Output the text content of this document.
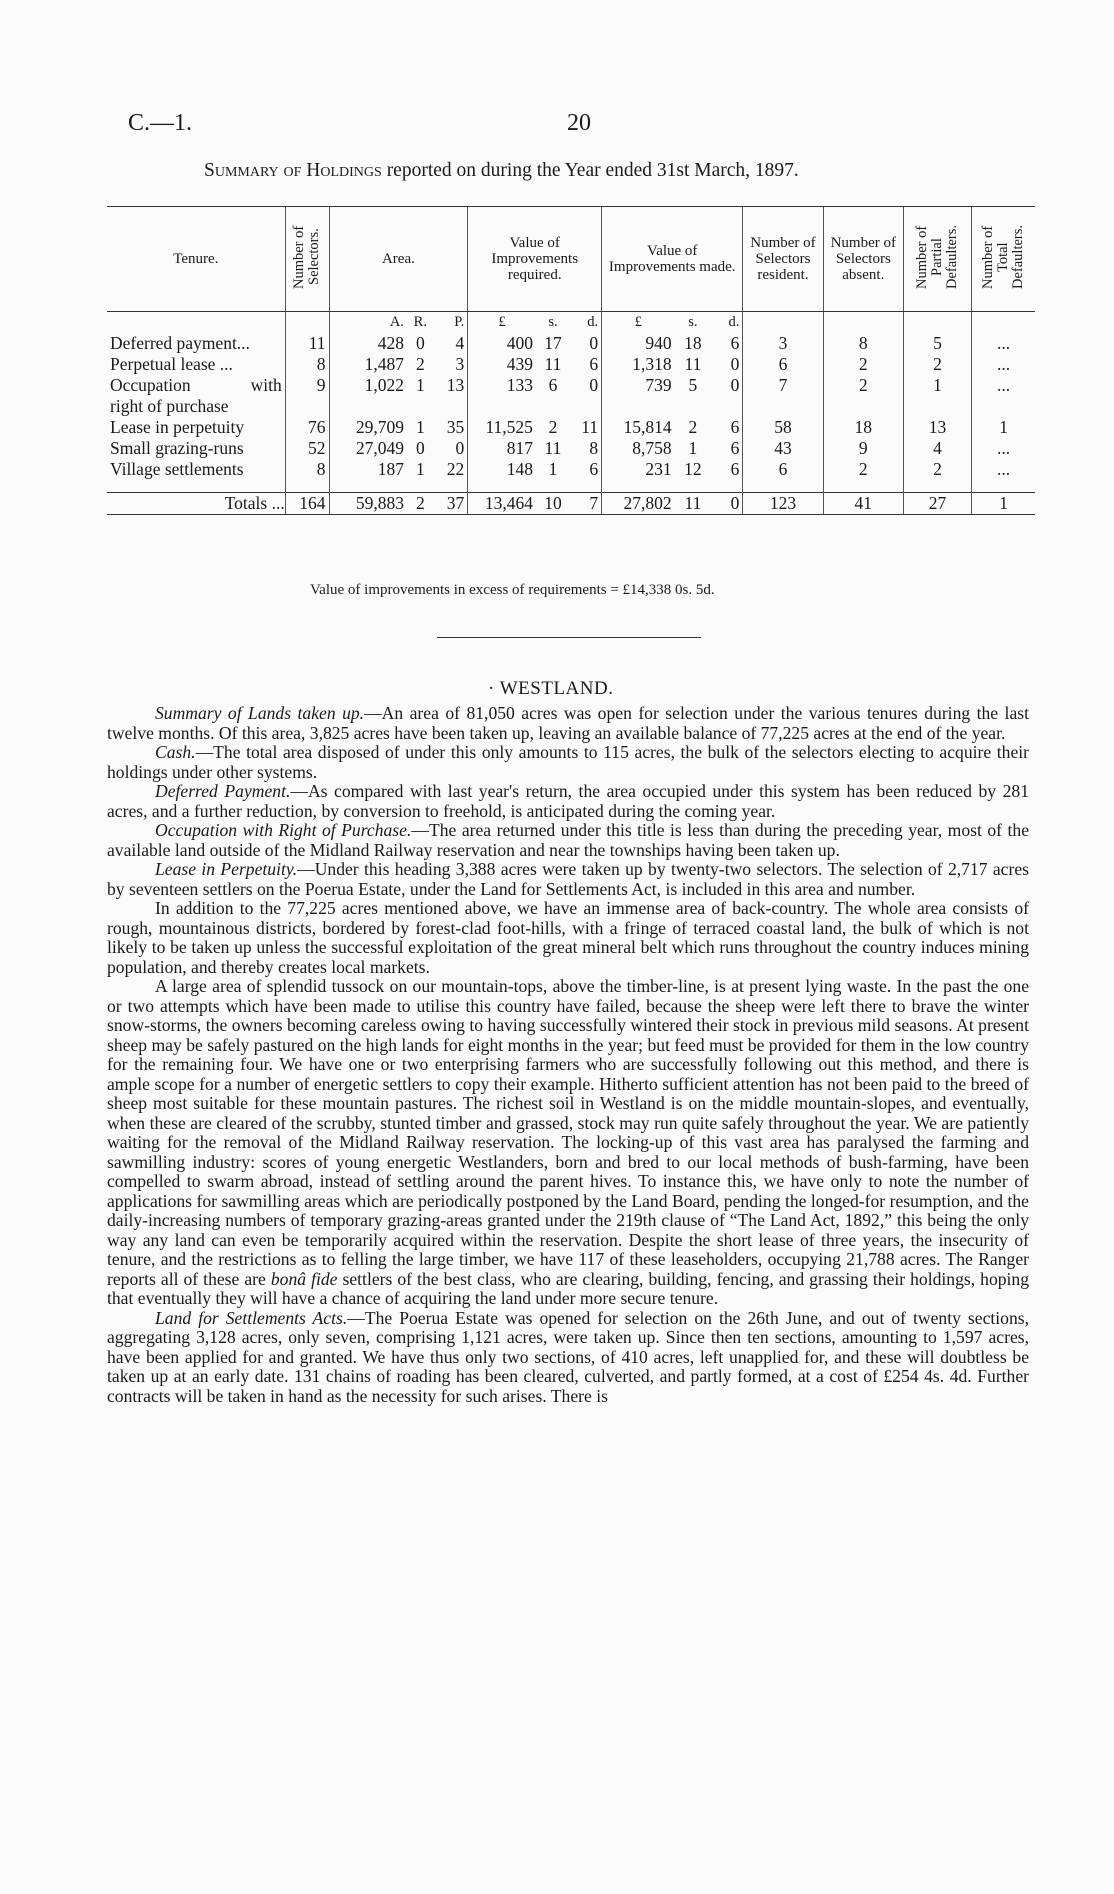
C.—1.	20
Summary of Holdings reported on during the Year ended 31st March, 1897.
Tenure.	Number of Selectors.	Area.			Value of Improvements required.			Value of Improvements made.			Number of Selectors resident.	Number of Selectors absent.	Number of Partial Defaulters.	Number of Total Defaulters.
		A.	R.	P.	£	s.	d.	£	s.	d.				
Deferred payment...	11	428	0	4	400	17	0	940	18	6	3	8	5	...
Perpetual lease ...	8	1,487	2	3	439	11	6	1,318	11	0	6	2	2	...

Occupation with
right of purchase	9	1,022	1	13	133	6	0	739	5	0	7	2	1	...
Lease in perpetuity	76	29,709	1	35	11,525	2	11	15,814	2	6	58	18	13	1
Small grazing-runs	52	27,049	0	0	817	11	8	8,758	1	6	43	9	4	...
Village settlements	8	187	1	22	148	1	6	231	12	6	6	2	2	...
Totals ...	164	59,883	2	37	13,464	10	7	27,802	11	0	123	41	27	1
Value of improvements in excess of requirements = £14,338 0s. 5d.
· WESTLAND.

Summary of Lands taken up.—An area of 81,050 acres was open for selection under the various tenures during the last twelve months. Of this area, 3,825 acres have been taken up, leaving an available balance of 77,225 acres at the end of the year.

Cash.—The total area disposed of under this only amounts to 115 acres, the bulk of the selectors electing to acquire their holdings under other systems.

Deferred Payment.—As compared with last year's return, the area occupied under this system has been reduced by 281 acres, and a further reduction, by conversion to freehold, is anticipated during the coming year.

Occupation with Right of Purchase.—The area returned under this title is less than during the preceding year, most of the available land outside of the Midland Railway reservation and near the townships having been taken up.

Lease in Perpetuity.—Under this heading 3,388 acres were taken up by twenty-two selectors. The selection of 2,717 acres by seventeen settlers on the Poerua Estate, under the Land for Settlements Act, is included in this area and number.

In addition to the 77,225 acres mentioned above, we have an immense area of back-country. The whole area consists of rough, mountainous districts, bordered by forest-clad foot-hills, with a fringe of terraced coastal land, the bulk of which is not likely to be taken up unless the successful exploitation of the great mineral belt which runs throughout the country induces mining population, and thereby creates local markets.

A large area of splendid tussock on our mountain-tops, above the timber-line, is at present lying waste. In the past the one or two attempts which have been made to utilise this country have failed, because the sheep were left there to brave the winter snow-storms, the owners becoming careless owing to having successfully wintered their stock in previous mild seasons. At present sheep may be safely pastured on the high lands for eight months in the year; but feed must be provided for them in the low country for the remaining four. We have one or two enterprising farmers who are successfully following out this method, and there is ample scope for a number of energetic settlers to copy their example. Hitherto sufficient attention has not been paid to the breed of sheep most suitable for these mountain pastures. The richest soil in Westland is on the middle mountain-slopes, and eventually, when these are cleared of the scrubby, stunted timber and grassed, stock may run quite safely throughout the year. We are patiently waiting for the removal of the Midland Railway reservation. The locking-up of this vast area has paralysed the farming and sawmilling industry: scores of young energetic Westlanders, born and bred to our local methods of bush-farming, have been compelled to swarm abroad, instead of settling around the parent hives. To instance this, we have only to note the number of applications for sawmilling areas which are periodically postponed by the Land Board, pending the longed-for resumption, and the daily-increasing numbers of temporary grazing-areas granted under the 219th clause of “The Land Act, 1892,” this being the only way any land can even be temporarily acquired within the reservation. Despite the short lease of three years, the insecurity of tenure, and the restrictions as to felling the large timber, we have 117 of these leaseholders, occupying 21,788 acres. The Ranger reports all of these are bonâ fide settlers of the best class, who are clearing, building, fencing, and grassing their holdings, hoping that eventually they will have a chance of acquiring the land under more secure tenure.

Land for Settlements Acts.—The Poerua Estate was opened for selection on the 26th June, and out of twenty sections, aggregating 3,128 acres, only seven, comprising 1,121 acres, were taken up. Since then ten sections, amounting to 1,597 acres, have been applied for and granted. We have thus only two sections, of 410 acres, left unapplied for, and these will doubtless be taken up at an early date. 131 chains of roading has been cleared, culverted, and partly formed, at a cost of £254 4s. 4d. Further contracts will be taken in hand as the necessity for such arises. There is
